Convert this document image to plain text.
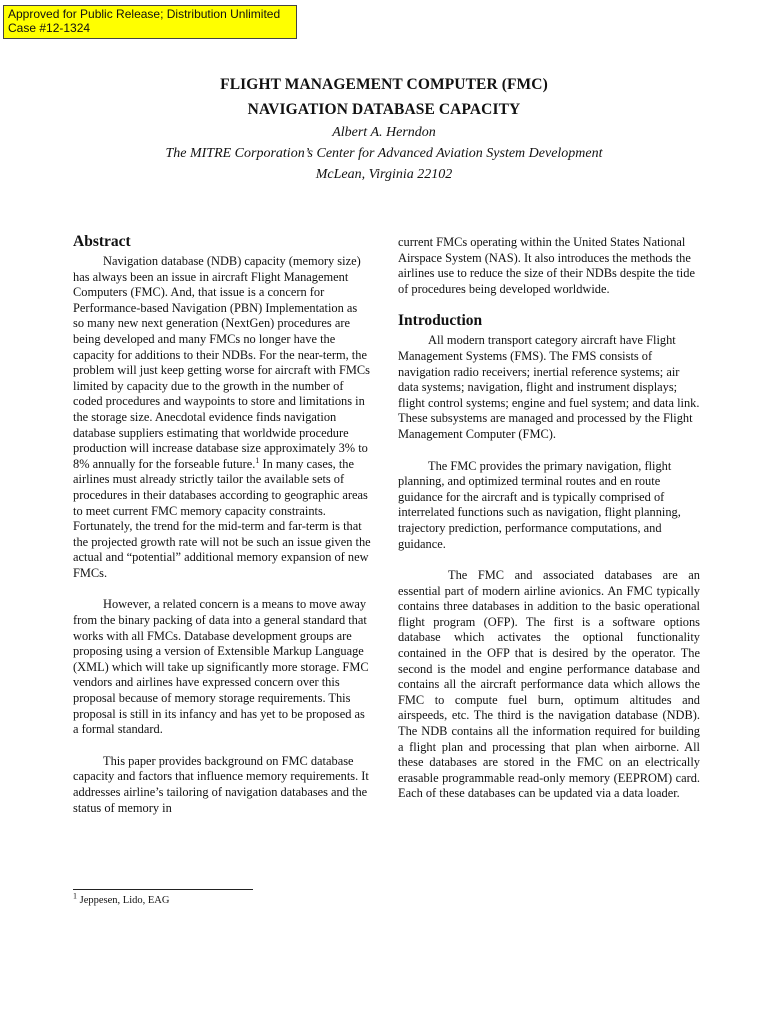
Approved for Public Release; Distribution Unlimited
Case #12-1324
FLIGHT MANAGEMENT COMPUTER (FMC)
NAVIGATION DATABASE CAPACITY
Albert A. Herndon
The MITRE Corporation’s Center for Advanced Aviation System Development
McLean, Virginia 22102
Abstract

Navigation database (NDB) capacity (memory size) has always been an issue in aircraft Flight Management Computers (FMC). And, that issue is a concern for Performance-based Navigation (PBN) Implementation as so many new next generation (NextGen) procedures are being developed and many FMCs no longer have the capacity for additions to their NDBs. For the near-term, the problem will just keep getting worse for aircraft with FMCs limited by capacity due to the growth in the number of coded procedures and waypoints to store and limitations in the storage size. Anecdotal evidence finds navigation database suppliers estimating that worldwide procedure production will increase database size approximately 3% to 8% annually for the forseable future.$^1$ In many cases, the airlines must already strictly tailor the available sets of procedures in their databases according to geographic areas to meet current FMC memory capacity constraints. Fortunately, the trend for the mid-term and far-term is that the projected growth rate will not be such an issue given the actual and “potential” additional memory expansion of new FMCs.

However, a related concern is a means to move away from the binary packing of data into a general standard that works with all FMCs. Database development groups are proposing using a version of Extensible Markup Language (XML) which will take up significantly more storage. FMC vendors and airlines have expressed concern over this proposal because of memory storage requirements. This proposal is still in its infancy and has yet to be proposed as a formal standard.

This paper provides background on FMC database capacity and factors that influence memory requirements. It addresses airline’s tailoring of navigation databases and the status of memory in

current FMCs operating within the United States National Airspace System (NAS). It also introduces the methods the airlines use to reduce the size of their NDBs despite the tide of procedures being developed worldwide.

Introduction

All modern transport category aircraft have Flight Management Systems (FMS). The FMS consists of navigation radio receivers; inertial reference systems; air data systems; navigation, flight and instrument displays; flight control systems; engine and fuel system; and data link. These subsystems are managed and processed by the Flight Management Computer (FMC).

The FMC provides the primary navigation, flight planning, and optimized terminal routes and en route guidance for the aircraft and is typically comprised of interrelated functions such as navigation, flight planning, trajectory prediction, performance computations, and guidance.

The FMC and associated databases are an essential part of modern airline avionics. An FMC typically contains three databases in addition to the basic operational flight program (OFP). The first is a software options database which activates the optional functionality contained in the OFP that is desired by the operator. The second is the model and engine performance database and contains all the aircraft performance data which allows the FMC to compute fuel burn, optimum altitudes and airspeeds, etc. The third is the navigation database (NDB). The NDB contains all the information required for building a flight plan and processing that plan when airborne. All these databases are stored in the FMC on an electrically erasable programmable read-only memory (EEPROM) card. Each of these databases can be updated via a data loader.

$^1$ Jeppesen, Lido, EAG
